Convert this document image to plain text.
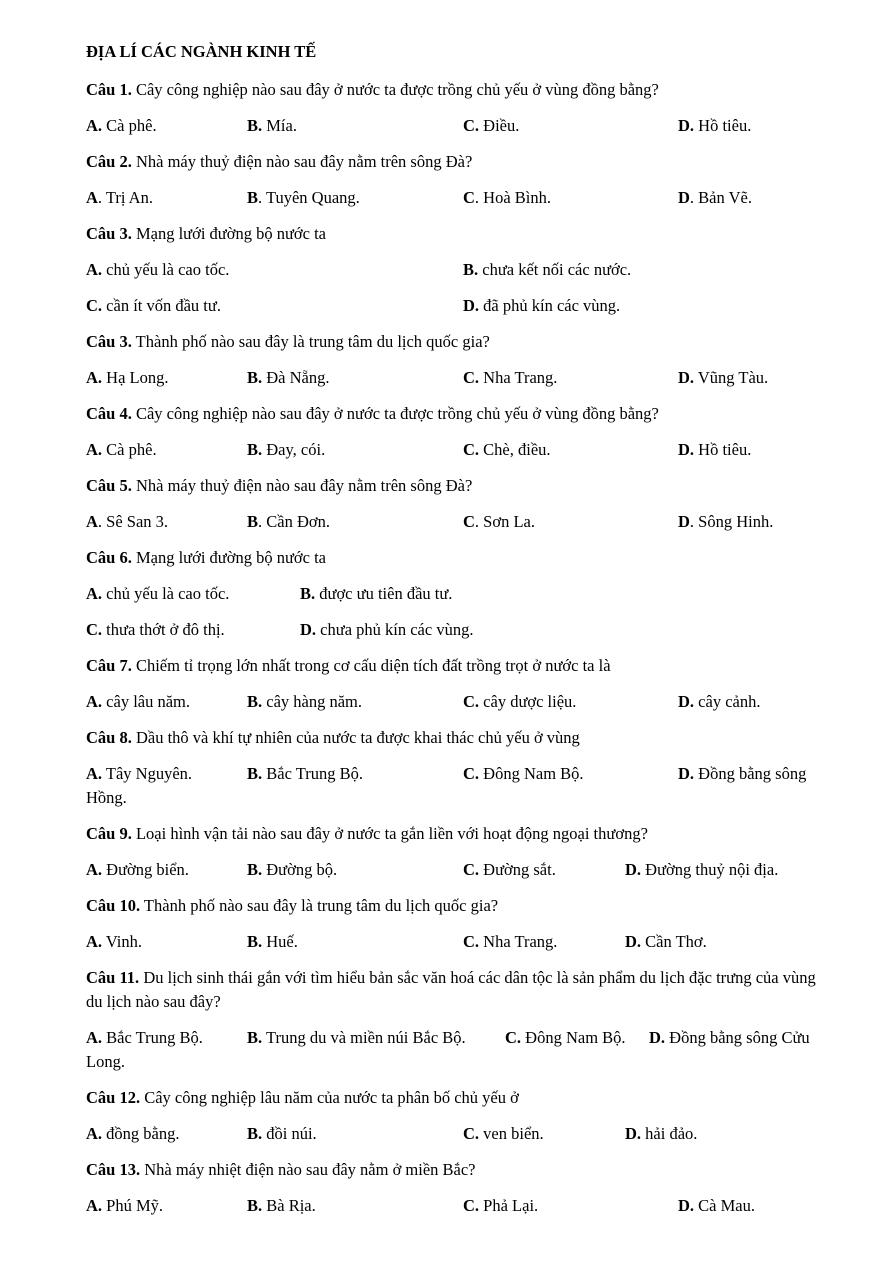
ĐỊA LÍ CÁC NGÀNH KINH TẾ
Câu 1. Cây công nghiệp nào sau đây ở nước ta được trồng chủ yếu ở vùng đồng bằng?
A. Cà phê.	B. Mía.	C. Điều.	D. Hồ tiêu.
Câu 2. Nhà máy thuỷ điện nào sau đây nằm trên sông Đà?
A. Trị An.	B. Tuyên Quang.	C. Hoà Bình.	D. Bản Vẽ.
Câu 3. Mạng lưới đường bộ nước ta
A. chủ yếu là cao tốc.	B. chưa kết nối các nước.
C. cần ít vốn đầu tư.	D. đã phủ kín các vùng.
Câu 3. Thành phố nào sau đây là trung tâm du lịch quốc gia?
A. Hạ Long.	B. Đà Nẵng.	C. Nha Trang.	D. Vũng Tàu.
Câu 4. Cây công nghiệp nào sau đây ở nước ta được trồng chủ yếu ở vùng đồng bằng?
A. Cà phê.	B. Đay, cói.	C. Chè, điều.	D. Hồ tiêu.
Câu 5. Nhà máy thuỷ điện nào sau đây nằm trên sông Đà?
A. Sê San 3.	B. Cần Đơn.	C. Sơn La.	D. Sông Hinh.
Câu 6. Mạng lưới đường bộ nước ta
A. chủ yếu là cao tốc.	B. được ưu tiên đầu tư.
C. thưa thớt ở đô thị.	D. chưa phủ kín các vùng.
Câu 7. Chiếm tỉ trọng lớn nhất trong cơ cấu diện tích đất trồng trọt ở nước ta là
A. cây lâu năm.	B. cây hàng năm.	C. cây dược liệu.	D. cây cảnh.
Câu 8. Dầu thô và khí tự nhiên của nước ta được khai thác chủ yếu ở vùng
A. Tây Nguyên.	B. Bắc Trung Bộ.	C. Đông Nam Bộ.	D. Đồng bằng sông
Hồng.
Câu 9. Loại hình vận tải nào sau đây ở nước ta gắn liền với hoạt động ngoại thương?
A. Đường biển.	B. Đường bộ.	C. Đường sắt.	D. Đường thuỷ nội địa.
Câu 10. Thành phố nào sau đây là trung tâm du lịch quốc gia?
A. Vinh.	B. Huế.	C. Nha Trang.	D. Cần Thơ.
Câu 11. Du lịch sinh thái gắn với tìm hiểu bản sắc văn hoá các dân tộc là sản phẩm du lịch đặc trưng của vùng du lịch nào sau đây?
A. Bắc Trung Bộ.	B. Trung du và miền núi Bắc Bộ. C. Đông Nam Bộ. D. Đồng bằng sông Cửu
Long.
Câu 12. Cây công nghiệp lâu năm của nước ta phân bố chủ yếu ở
A. đồng bằng.	B. đồi núi.	C. ven biển.	D. hải đảo.
Câu 13. Nhà máy nhiệt điện nào sau đây nằm ở miền Bắc?
A. Phú Mỹ.	B. Bà Rịa.	C. Phả Lại.	D. Cà Mau.
